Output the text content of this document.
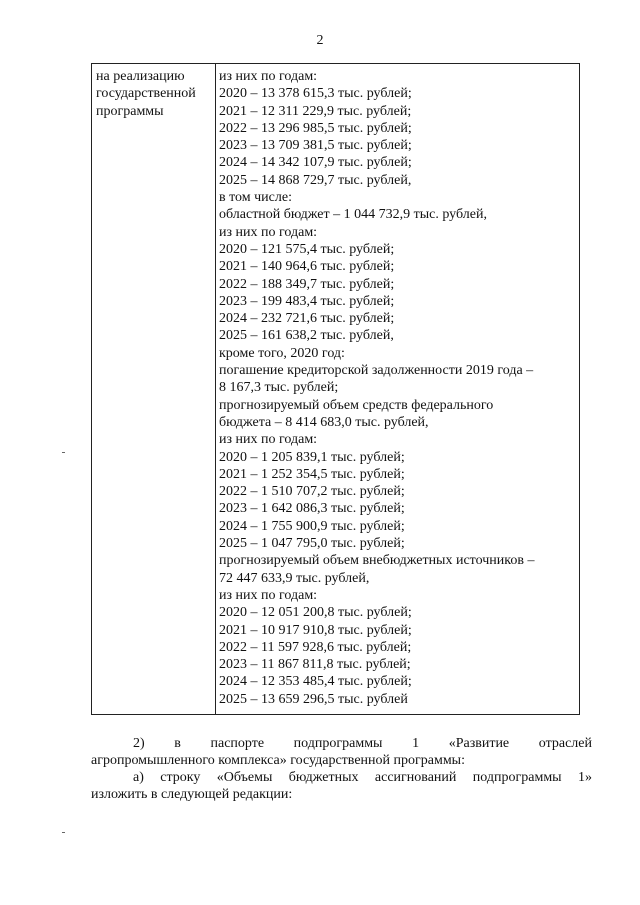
2
на реализацию
государственной
программы
из них по годам:
2020 – 13 378 615,3 тыс. рублей;
2021 – 12 311 229,9 тыс. рублей;
2022 – 13 296 985,5 тыс. рублей;
2023 – 13 709 381,5 тыс. рублей;
2024 – 14 342 107,9 тыс. рублей;
2025 – 14 868 729,7 тыс. рублей,
в том числе:
областной бюджет – 1 044 732,9 тыс. рублей,
из них по годам:
2020 – 121 575,4 тыс. рублей;
2021 – 140 964,6 тыс. рублей;
2022 – 188 349,7 тыс. рублей;
2023 – 199 483,4 тыс. рублей;
2024 – 232 721,6 тыс. рублей;
2025 – 161 638,2 тыс. рублей,
кроме того, 2020 год:
погашение кредиторской задолженности 2019 года –
8 167,3 тыс. рублей;
прогнозируемый объем средств федерального
бюджета – 8 414 683,0 тыс. рублей,
из них по годам:
2020 – 1 205 839,1 тыс. рублей;
2021 – 1 252 354,5 тыс. рублей;
2022 – 1 510 707,2 тыс. рублей;
2023 – 1 642 086,3 тыс. рублей;
2024 – 1 755 900,9 тыс. рублей;
2025 – 1 047 795,0 тыс. рублей;
прогнозируемый объем внебюджетных источников –
72 447 633,9 тыс. рублей,
из них по годам:
2020 – 12 051 200,8 тыс. рублей;
2021 – 10 917 910,8 тыс. рублей;
2022 – 11 597 928,6 тыс. рублей;
2023 – 11 867 811,8 тыс. рублей;
2024 – 12 353 485,4 тыс. рублей;
2025 – 13 659 296,5 тыс. рублей
2) в паспорте подпрограммы 1 «Развитие отраслей
агропромышленного комплекса» государственной программы:
а) строку «Объемы бюджетных ассигнований подпрограммы 1»
изложить в следующей редакции:
